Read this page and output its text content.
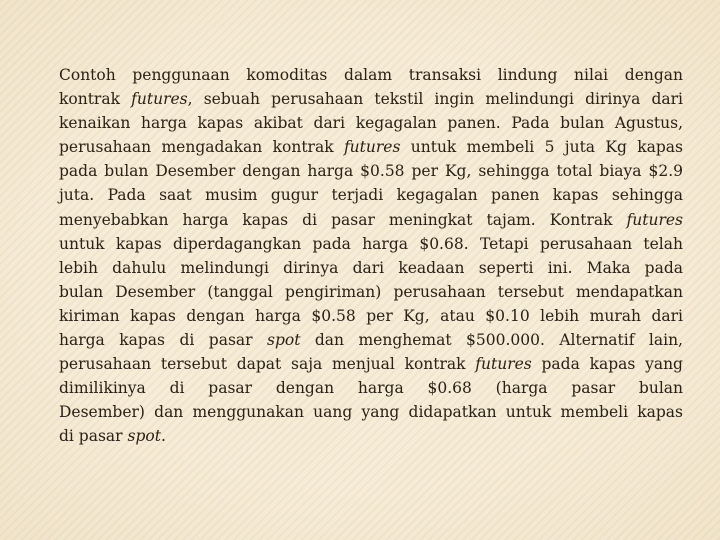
Contoh penggunaan komoditas dalam transaksi lindung nilai dengan
kontrak futures, sebuah perusahaan tekstil ingin melindungi dirinya dari
kenaikan harga kapas akibat dari kegagalan panen. Pada bulan Agustus,
perusahaan mengadakan kontrak futures untuk membeli 5 juta Kg kapas
pada bulan Desember dengan harga $0.58 per Kg, sehingga total biaya $2.9
juta. Pada saat musim gugur terjadi kegagalan panen kapas sehingga
menyebabkan harga kapas di pasar meningkat tajam. Kontrak futures
untuk kapas diperdagangkan pada harga $0.68. Tetapi perusahaan telah
lebih dahulu melindungi dirinya dari keadaan seperti ini. Maka pada
bulan Desember (tanggal pengiriman) perusahaan tersebut mendapatkan
kiriman kapas dengan harga $0.58 per Kg, atau $0.10 lebih murah dari
harga kapas di pasar spot dan menghemat $500.000. Alternatif lain,
perusahaan tersebut dapat saja menjual kontrak futures pada kapas yang
dimilikinya di pasar dengan harga $0.68 (harga pasar bulan
Desember) dan menggunakan uang yang didapatkan untuk membeli kapas
di pasar spot.
